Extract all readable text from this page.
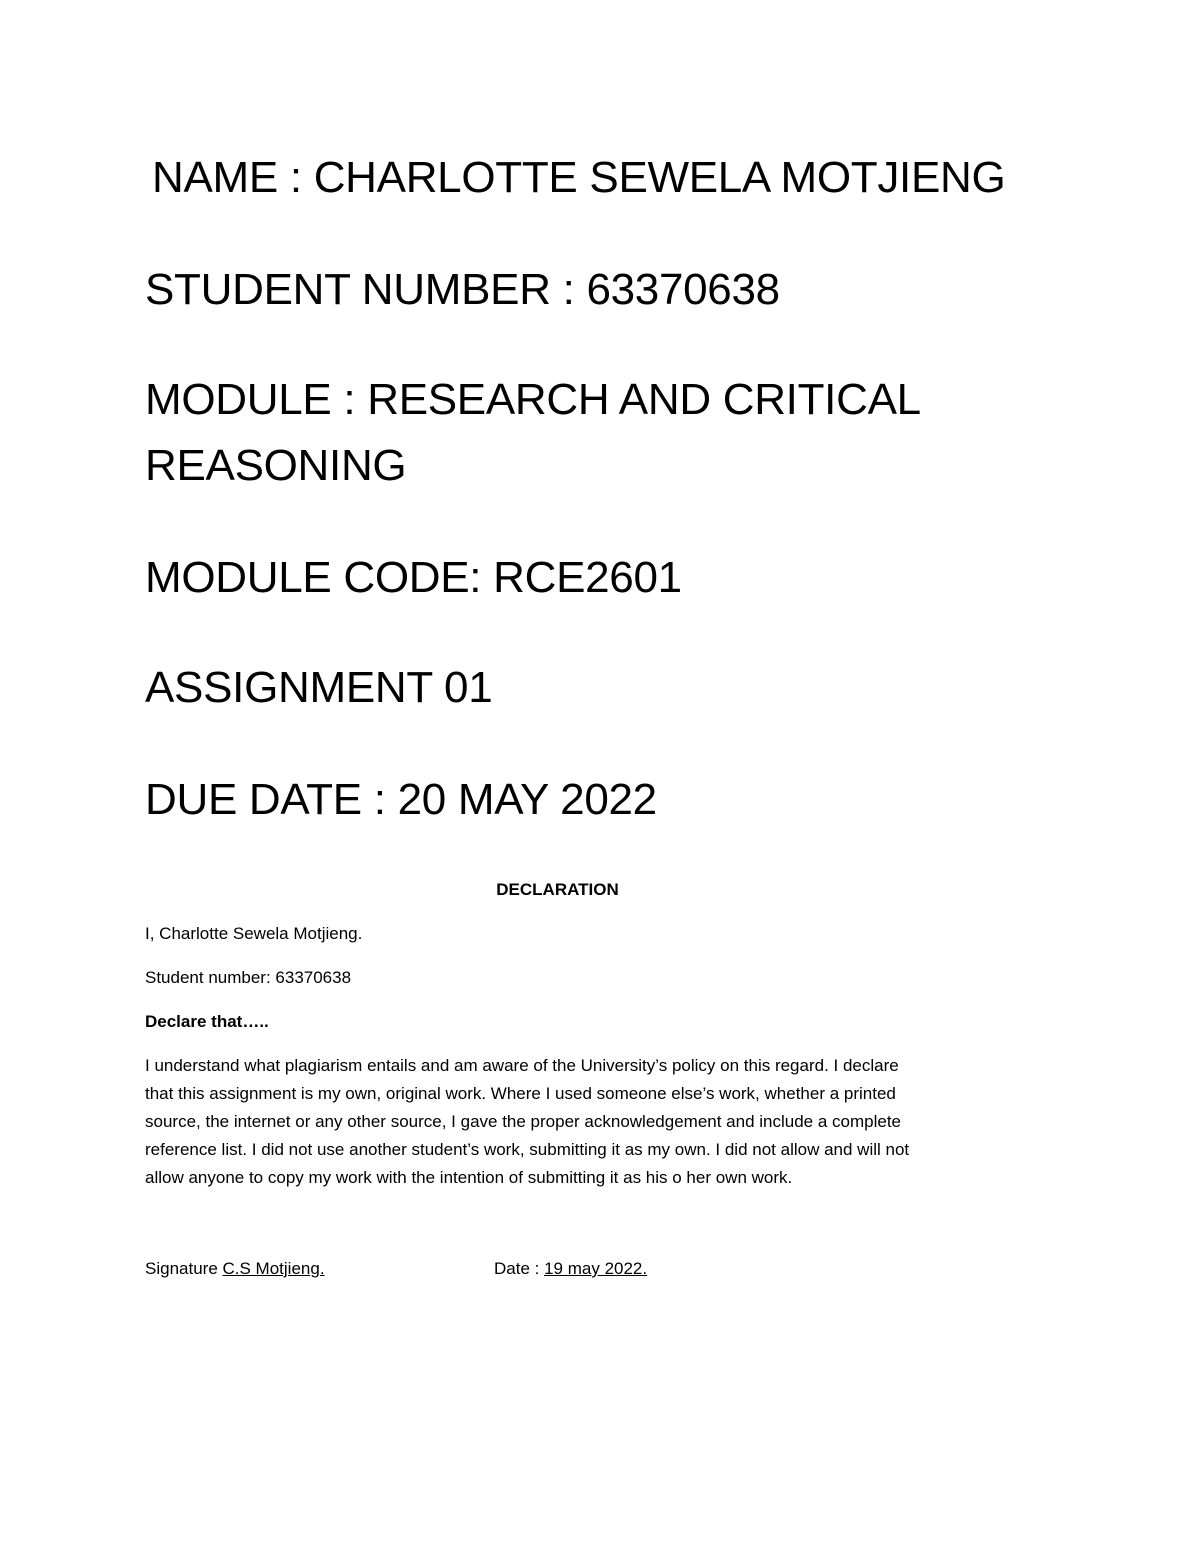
NAME : CHARLOTTE SEWELA MOTJIENG
STUDENT NUMBER : 63370638
MODULE : RESEARCH AND CRITICAL
REASONING
MODULE CODE: RCE2601
ASSIGNMENT 01
DUE DATE : 20 MAY 2022
DECLARATION
I, Charlotte Sewela Motjieng.
Student number: 63370638
Declare that…..
I understand what plagiarism entails and am aware of the University’s policy on this regard. I declare
that this assignment is my own, original work. Where I used someone else’s work, whether a printed
source, the internet or any other source, I gave the proper acknowledgement and include a complete
reference list. I did not use another student’s work, submitting it as my own. I did not allow and will not
allow anyone to copy my work with the intention of submitting it as his o her own work.
Signature C.S Motjieng.	Date : 19 may 2022.
